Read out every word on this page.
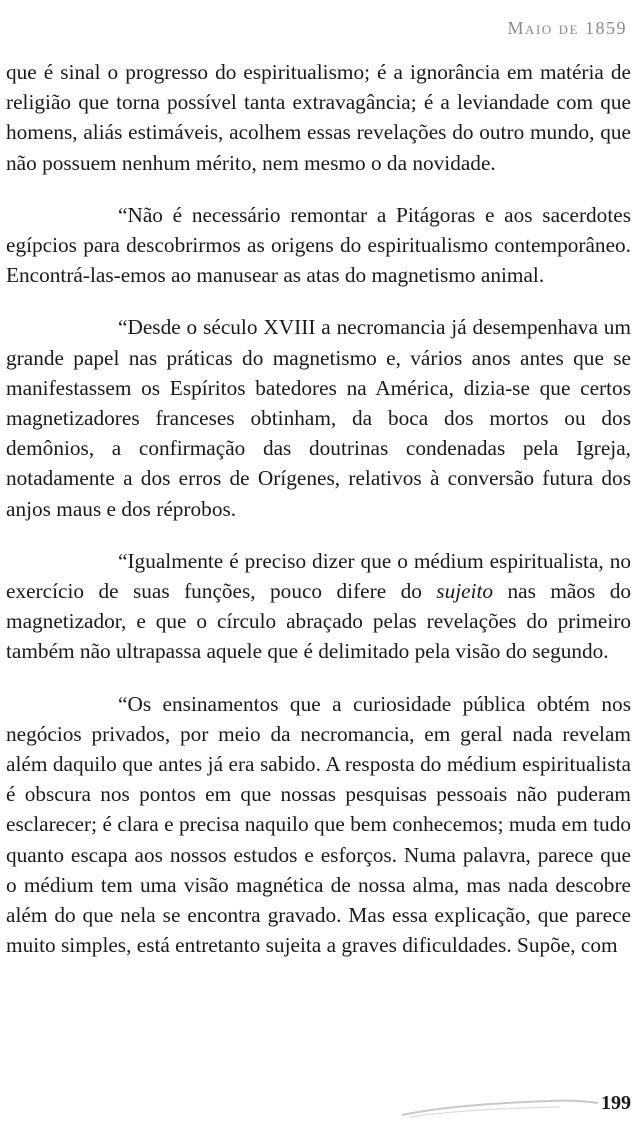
Maio de 1859

que é sinal o progresso do espiritualismo; é a ignorância em matéria de religião que torna possível tanta extravagância; é a leviandade com que homens, aliás estimáveis, acolhem essas revelações do outro mundo, que não possuem nenhum mérito, nem mesmo o da novidade.

“Não é necessário remontar a Pitágoras e aos sacerdotes egípcios para descobrirmos as origens do espiritualismo contemporâneo. Encontrá-las-emos ao manusear as atas do magnetismo animal.

“Desde o século XVIII a necromancia já desempenhava um grande papel nas práticas do magnetismo e, vários anos antes que se manifestassem os Espíritos batedores na América, dizia-se que certos magnetizadores franceses obtinham, da boca dos mortos ou dos demônios, a confirmação das doutrinas condenadas pela Igreja, notadamente a dos erros de Orígenes, relativos à conversão futura dos anjos maus e dos réprobos.

“Igualmente é preciso dizer que o médium espiritualista, no exercício de suas funções, pouco difere do sujeito nas mãos do magnetizador, e que o círculo abraçado pelas revelações do primeiro também não ultrapassa aquele que é delimitado pela visão do segundo.

“Os ensinamentos que a curiosidade pública obtém nos negócios privados, por meio da necromancia, em geral nada revelam além daquilo que antes já era sabido. A resposta do médium espiritualista é obscura nos pontos em que nossas pesquisas pessoais não puderam esclarecer; é clara e precisa naquilo que bem conhecemos; muda em tudo quanto escapa aos nossos estudos e esforços. Numa palavra, parece que o médium tem uma visão magnética de nossa alma, mas nada descobre além do que nela se encontra gravado. Mas essa explicação, que parece muito simples, está entretanto sujeita a graves dificuldades. Supõe, com

199
